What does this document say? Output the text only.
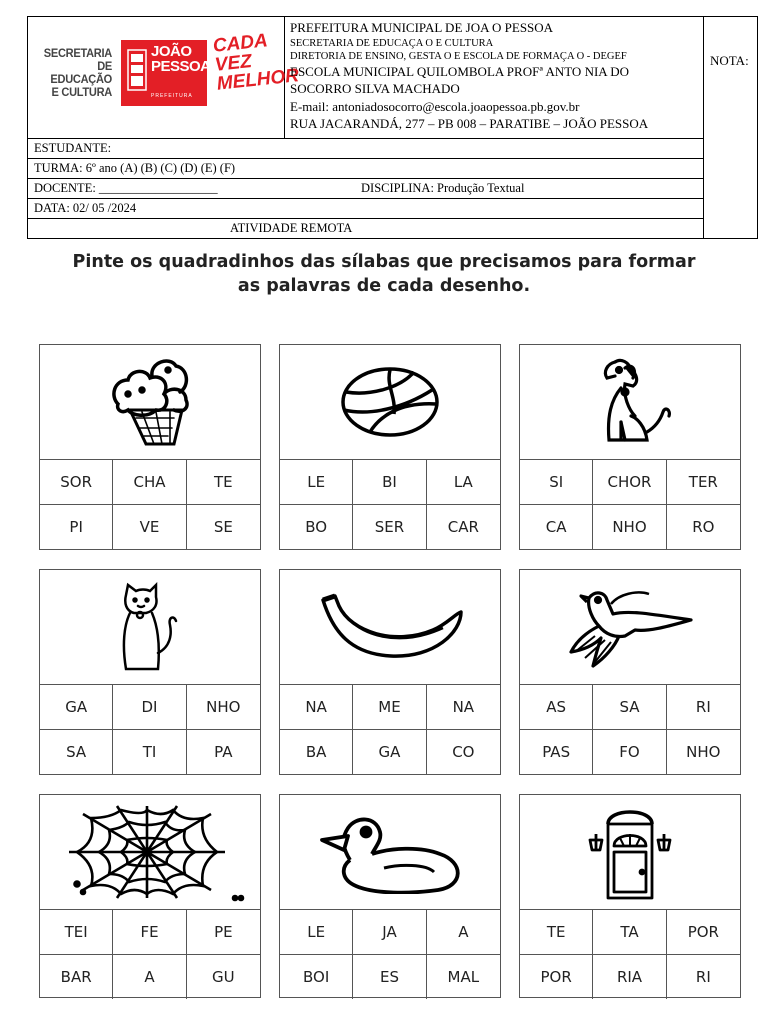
SECRETARIA DE EDUCAÇÃO E CULTURA
JOÃO PESSOA
PREFEITURA
CADA VEZ MELHOR
PREFEITURA MUNICIPAL DE JOA O PESSOA
SECRETARIA DE EDUCAÇA O E CULTURA
DIRETORIA DE ENSINO, GESTA O E ESCOLA DE FORMAÇA O - DEGEF
ESCOLA MUNICIPAL QUILOMBOLA PROFª ANTO NIA DO
SOCORRO SILVA MACHADO
E-mail: antoniadosocorro@escola.joaopessoa.pb.gov.br
RUA JACARANDÁ, 277 – PB 008 – PARATIBE – JOÃO PESSOA
NOTA:
ESTUDANTE:
TURMA: 6º ano (A) (B) (C) (D) (E) (F)
DOCENTE: ___________________	DISCIPLINA: Produção Textual
DATA: 02/ 05 /2024
ATIVIDADE REMOTA
Pinte os quadradinhos das sílabas que precisamos para formar
as palavras de cada desenho.
SOR	CHA	TE
PI	VE	SE
LE	BI	LA
BO	SER	CAR
SI	CHOR	TER
CA	NHO	RO
GA	DI	NHO
SA	TI	PA
NA	ME	NA
BA	GA	CO
AS	SA	RI
PAS	FO	NHO
TEI	FE	PE
BAR	A	GU
LE	JA	A
BOI	ES	MAL
TE	TA	POR
POR	RIA	RI
